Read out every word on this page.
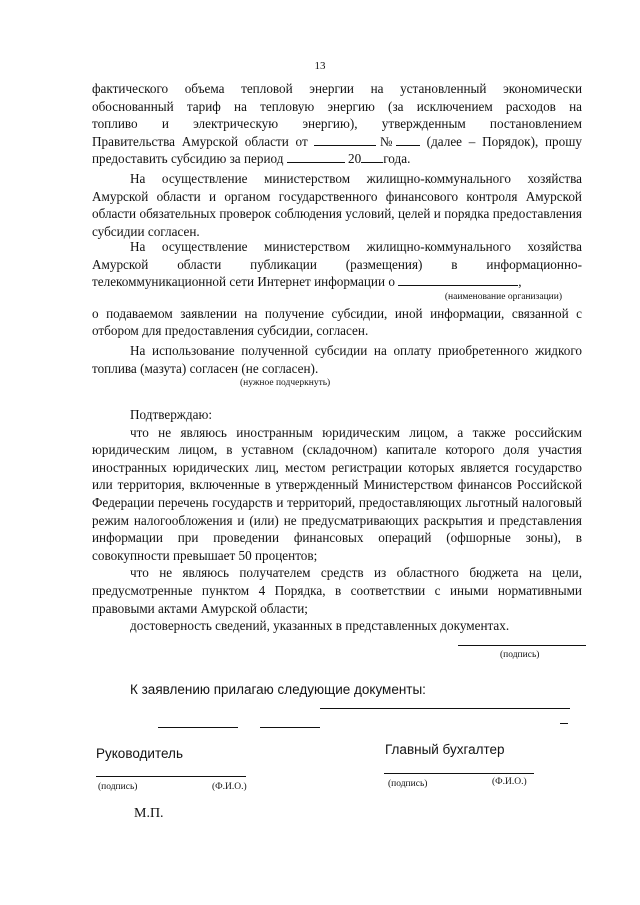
13

фактического объема тепловой энергии на установленный экономически

обоснованный тариф на тепловую энергию (за исключением расходов на

топливо и электрическую энергию), утвержденным постановлением

Правительства Амурской области от	№ (далее – Порядок), прошу

предоставить субсидию за период	20 года.

На осуществление министерством жилищно-коммунального хозяйства Амурской области и органом государственного финансового контроля Амурской области обязательных проверок соблюдения условий, целей и порядка предоставления субсидии согласен.

На осуществление министерством жилищно-коммунального хозяйства Амурской области публикации (размещения) в информационно-телекоммуникационной сети Интернет информации о	,

(наименование организации)

о подаваемом заявлении на получение субсидии, иной информации, связанной с отбором для предоставления субсидии, согласен.

На использование полученной субсидии на оплату приобретенного жидкого топлива (мазута) согласен (не согласен).

(нужное подчеркнуть)

Подтверждаю:

что не являюсь иностранным юридическим лицом, а также российским юридическим лицом, в уставном (складочном) капитале которого доля участия иностранных юридических лиц, местом регистрации которых является государство или территория, включенные в утвержденный Министерством финансов Российской Федерации перечень государств и территорий, предоставляющих льготный налоговый режим налогообложения и (или) не предусматривающих раскрытия и представления информации при проведении финансовых операций (офшорные зоны), в совокупности превышает 50 процентов;

что не являюсь получателем средств из областного бюджета на цели, предусмотренные пунктом 4 Порядка, в соответствии с иными нормативными правовыми актами Амурской области;

достоверность сведений, указанных в представленных документах.

(подпись)
К заявлению прилагаю следующие документы:
Руководитель
(подпись)	(Ф.И.О.)
Главный бухгалтер
(подпись)	(Ф.И.О.)
М.П.
